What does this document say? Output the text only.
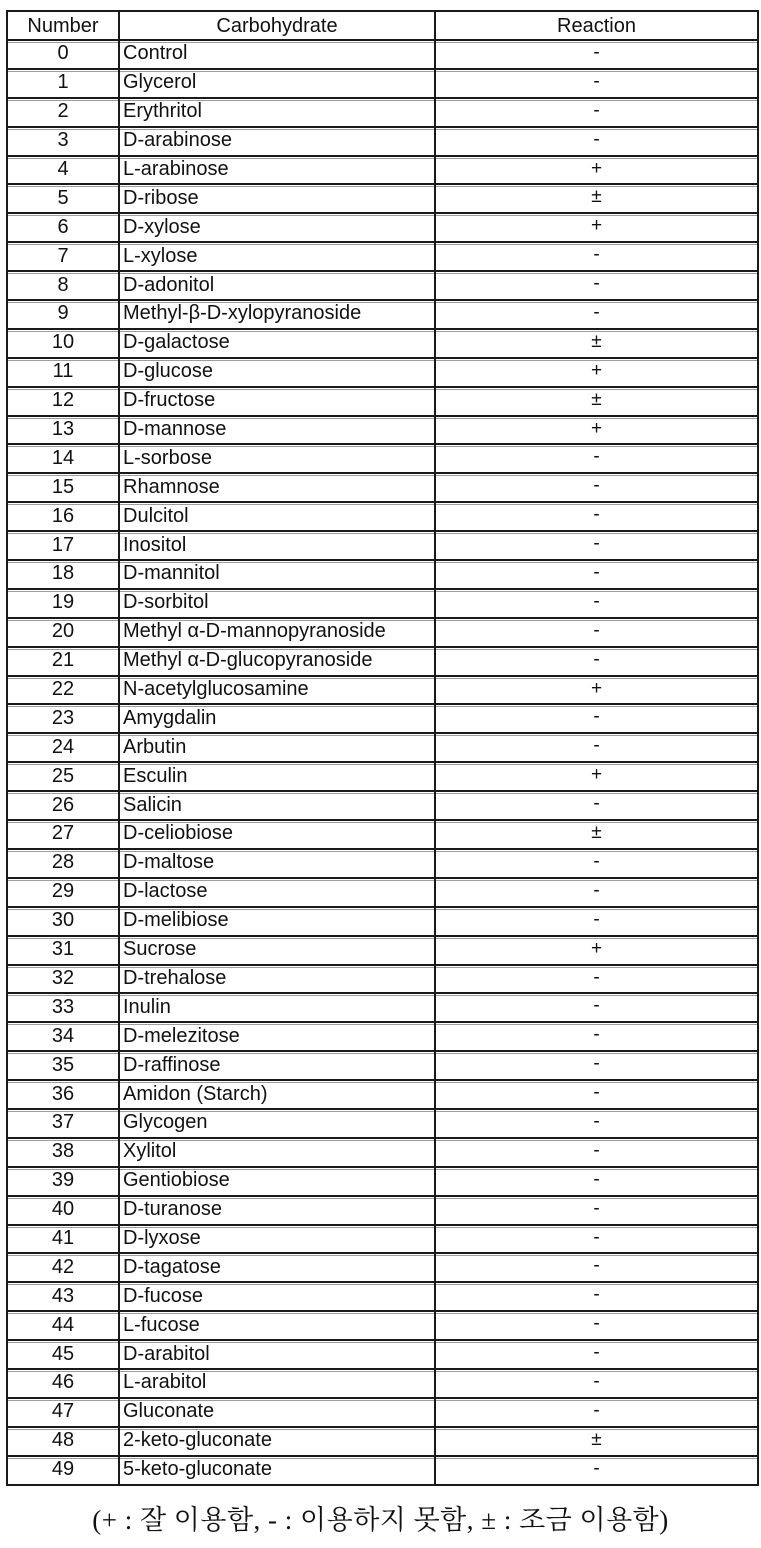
Number	Carbohydrate	Reaction
0	Control	-
1	Glycerol	-
2	Erythritol	-
3	D-arabinose	-
4	L-arabinose	+
5	D-ribose	±
6	D-xylose	+
7	L-xylose	-
8	D-adonitol	-
9	Methyl-β-D-xylopyranoside	-
10	D-galactose	±
11	D-glucose	+
12	D-fructose	±
13	D-mannose	+
14	L-sorbose	-
15	Rhamnose	-
16	Dulcitol	-
17	Inositol	-
18	D-mannitol	-
19	D-sorbitol	-
20	Methyl α-D-mannopyranoside	-
21	Methyl α-D-glucopyranoside	-
22	N-acetylglucosamine	+
23	Amygdalin	-
24	Arbutin	-
25	Esculin	+
26	Salicin	-
27	D-celiobiose	±
28	D-maltose	-
29	D-lactose	-
30	D-melibiose	-
31	Sucrose	+
32	D-trehalose	-
33	Inulin	-
34	D-melezitose	-
35	D-raffinose	-
36	Amidon (Starch)	-
37	Glycogen	-
38	Xylitol	-
39	Gentiobiose	-
40	D-turanose	-
41	D-lyxose	-
42	D-tagatose	-
43	D-fucose	-
44	L-fucose	-
45	D-arabitol	-
46	L-arabitol	-
47	Gluconate	-
48	2-keto-gluconate	±
49	5-keto-gluconate	-
(+ : 잘 이용함, - : 이용하지 못함, ± : 조금 이용함)
